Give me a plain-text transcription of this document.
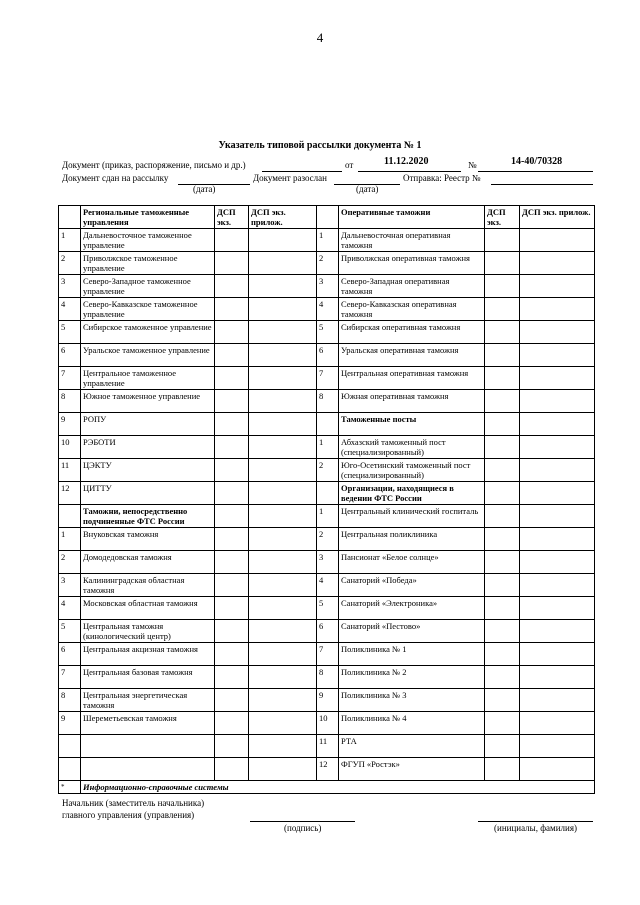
4
Указатель типовой рассылки документа № 1
Документ (приказ, распоряжение, письмо и др.)	от	11.12.2020	№	14-40/70328
Документ сдан на рассылку	Документ разослан	Отправка: Реестр №
(дата)	(дата)
	Региональные таможенные управления	ДСП экз.	ДСП экз. прилож.		Оперативные таможни	ДСП экз.	ДСП экз. прилож.
1	Дальневосточное таможенное управление			1	Дальневосточная оперативная таможня		
2	Приволжское таможенное управление			2	Приволжская оперативная таможня		
3	Северо-Западное таможенное управление			3	Северо-Западная оперативная таможня		
4	Северо-Кавказское таможенное управление			4	Северо-Кавказская оперативная таможня		
5	Сибирское таможенное управление			5	Сибирская оперативная таможня		
6	Уральское таможенное управление			6	Уральская оперативная таможня		
7	Центральное таможенное управление			7	Центральная оперативная таможня		
8	Южное таможенное управление			8	Южная оперативная таможня		
9	РОПУ				Таможенные посты		
10	РЭБОТИ			1	Абхазский таможенный пост (специализированный)		
11	ЦЭКТУ			2	Юго-Осетинский таможенный пост (специализированный)		
12	ЦИТТУ				Организации, находящиеся в ведении ФТС России		
	Таможни, непосредственно подчиненные ФТС России			1	Центральный клинический госпиталь		
1	Внуковская таможня			2	Центральная поликлиника		
2	Домодедовская таможня			3	Пансионат «Белое солнце»		
3	Калининградская областная таможня			4	Санаторий «Победа»		
4	Московская областная таможня			5	Санаторий «Электроника»		
5	Центральная таможня (кинологический центр)			6	Санаторий «Пестово»		
6	Центральная акцизная таможня			7	Поликлиника № 1		
7	Центральная базовая таможня			8	Поликлиника № 2		
8	Центральная энергетическая таможня			9	Поликлиника № 3		
9	Шереметьевская таможня			10	Поликлиника № 4		
				11	РТА		
				12	ФГУП «Ростэк»		
*	Информационно-справочные системы						
Начальник (заместитель начальника)
главного управления (управления)
(подпись)	(инициалы, фамилия)
